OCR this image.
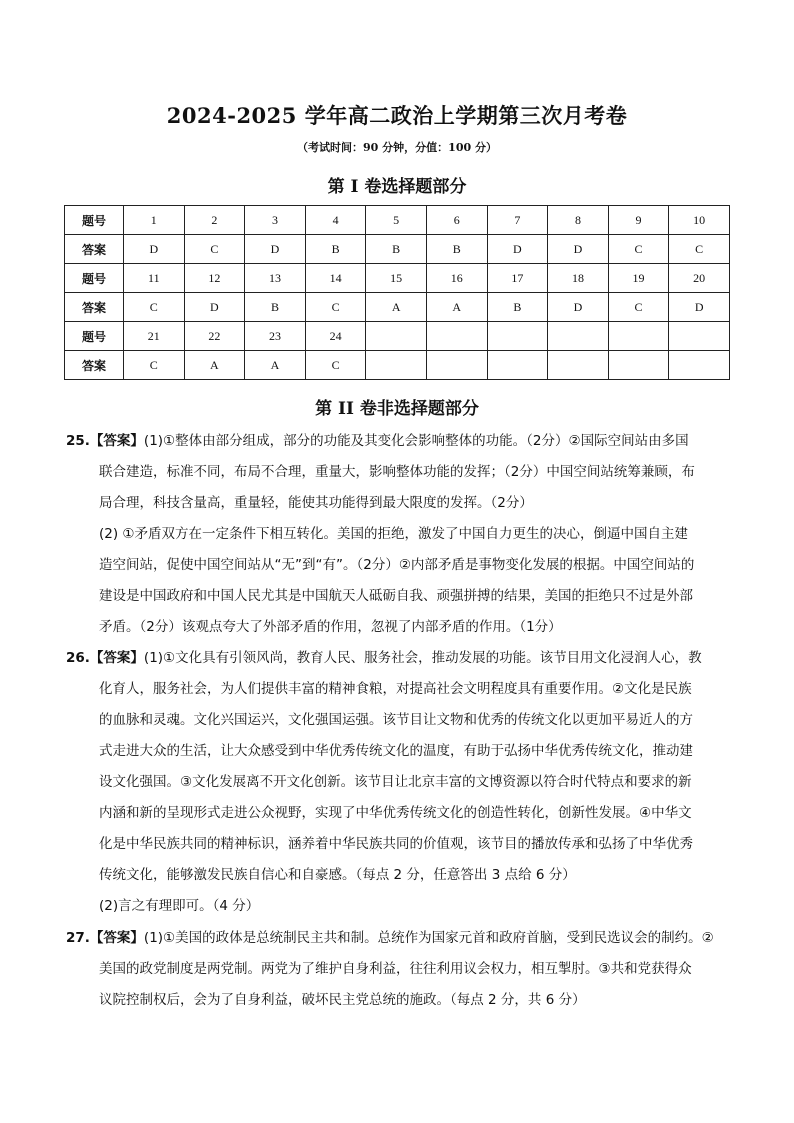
2024-2025 学年高二政治上学期第三次月考卷
（考试时间：90 分钟，分值：100 分）
第 I 卷选择题部分
题号	1	2	3	4	5	6	7	8	9	10
答案	D	C	D	B	B	B	D	D	C	C
题号	11	12	13	14	15	16	17	18	19	20
答案	C	D	B	C	A	A	B	D	C	D
题号	21	22	23	24						
答案	C	A	A	C						
第 II 卷非选择题部分
25.【答案】(1)①整体由部分组成，部分的功能及其变化会影响整体的功能。（2分）②国际空间站由多国
联合建造，标准不同，布局不合理，重量大，影响整体功能的发挥；（2分）中国空间站统筹兼顾，布
局合理，科技含量高，重量轻，能使其功能得到最大限度的发挥。（2分）
(2) ①矛盾双方在一定条件下相互转化。美国的拒绝，激发了中国自力更生的决心，倒逼中国自主建
造空间站，促使中国空间站从“无”到“有”。（2分）②内部矛盾是事物变化发展的根据。中国空间站的
建设是中国政府和中国人民尤其是中国航天人砥砺自我、顽强拼搏的结果，美国的拒绝只不过是外部
矛盾。（2分）该观点夸大了外部矛盾的作用，忽视了内部矛盾的作用。（1分）
26.【答案】(1)①文化具有引领风尚，教育人民、服务社会，推动发展的功能。该节目用文化浸润人心，教
化育人，服务社会，为人们提供丰富的精神食粮，对提高社会文明程度具有重要作用。②文化是民族
的血脉和灵魂。文化兴国运兴，文化强国运强。该节目让文物和优秀的传统文化以更加平易近人的方
式走进大众的生活，让大众感受到中华优秀传统文化的温度，有助于弘扬中华优秀传统文化，推动建
设文化强国。③文化发展离不开文化创新。该节目让北京丰富的文博资源以符合时代特点和要求的新
内涵和新的呈现形式走进公众视野，实现了中华优秀传统文化的创造性转化，创新性发展。④中华文
化是中华民族共同的精神标识，涵养着中华民族共同的价值观，该节目的播放传承和弘扬了中华优秀
传统文化，能够激发民族自信心和自豪感。（每点 2 分，任意答出 3 点给 6 分）
(2)言之有理即可。（4 分）
27.【答案】(1)①美国的政体是总统制民主共和制。总统作为国家元首和政府首脑，受到民选议会的制约。②
美国的政党制度是两党制。两党为了维护自身利益，往往利用议会权力，相互掣肘。③共和党获得众
议院控制权后，会为了自身利益，破坏民主党总统的施政。（每点 2 分，共 6 分）
